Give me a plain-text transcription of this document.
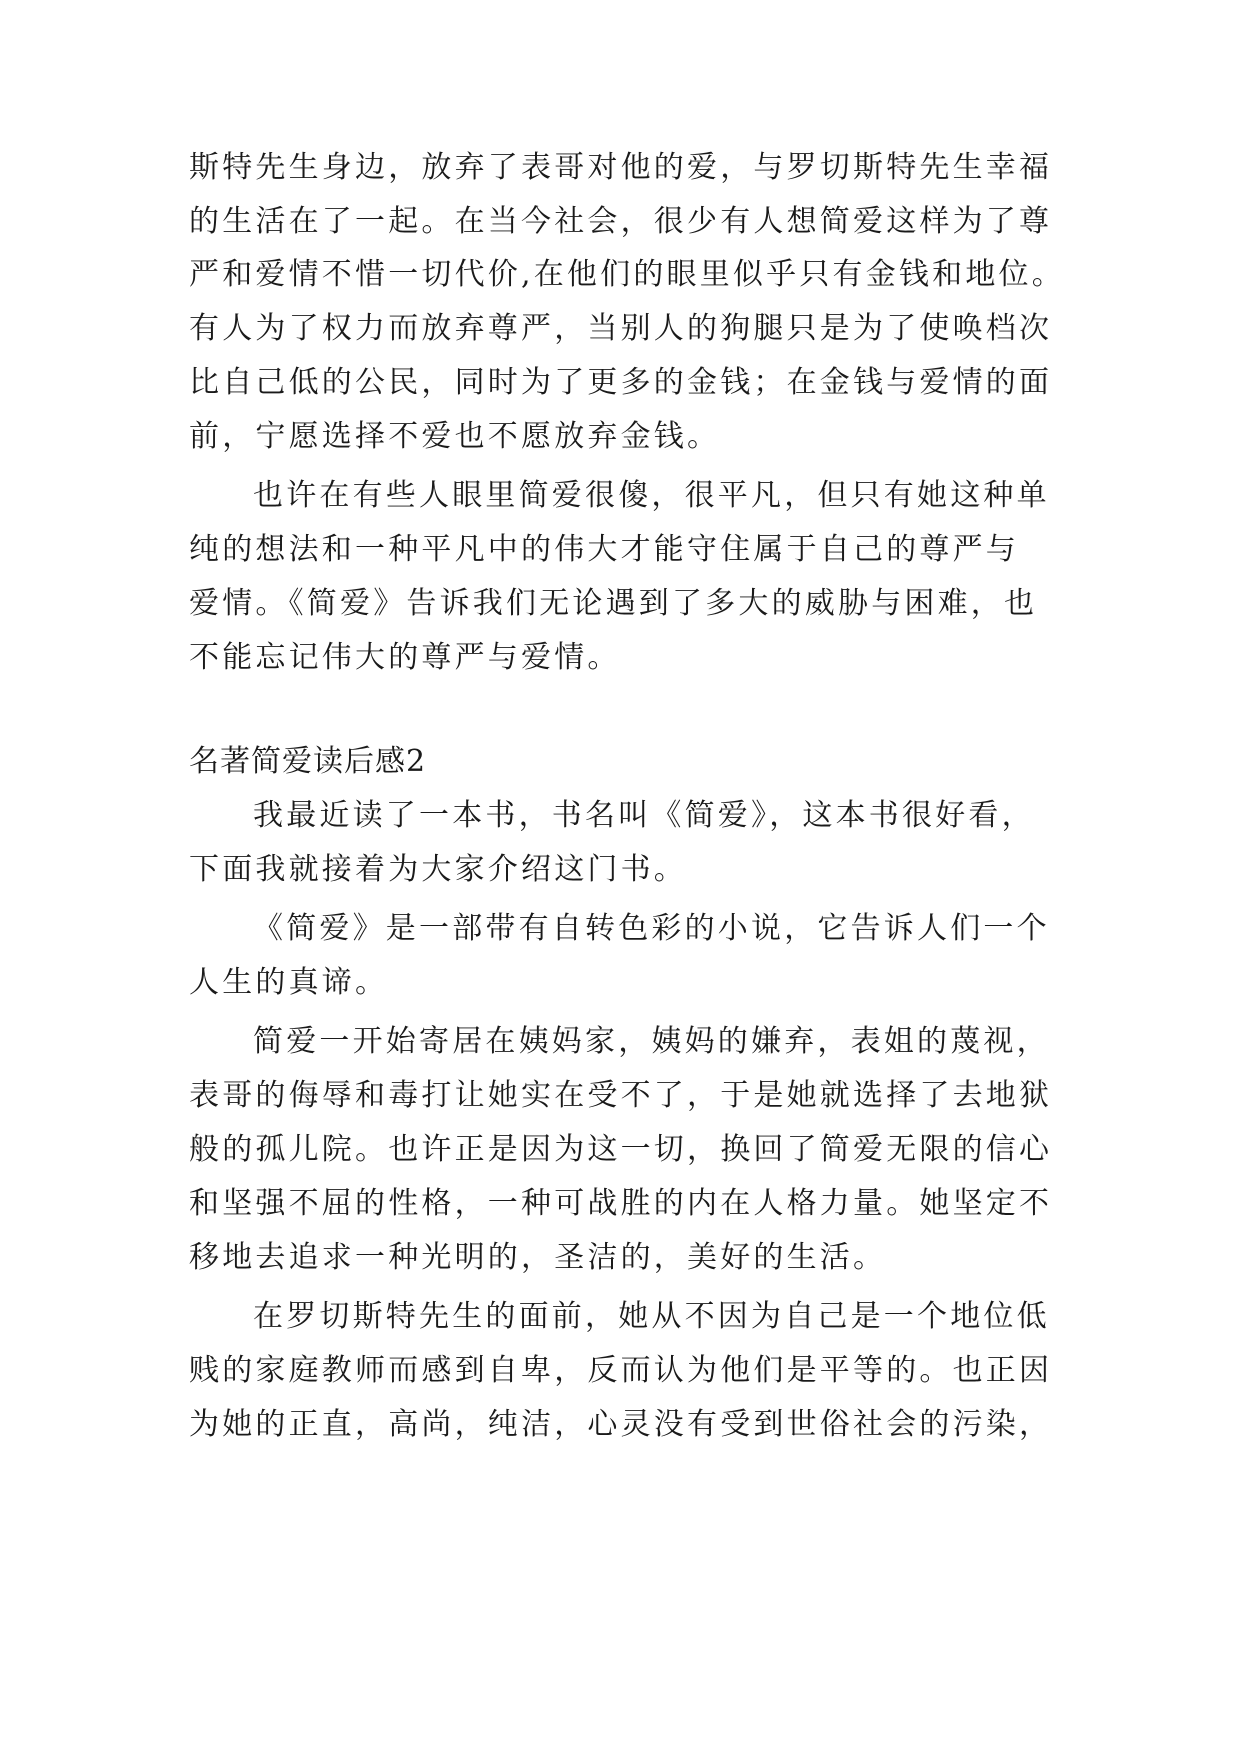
斯特先生身边，放弃了表哥对他的爱，与罗切斯特先生幸福
的生活在了一起。在当今社会，很少有人想简爱这样为了尊
严和爱情不惜一切代价,在他们的眼里似乎只有金钱和地位。
有人为了权力而放弃尊严，当别人的狗腿只是为了使唤档次
比自己低的公民，同时为了更多的金钱；在金钱与爱情的面
前，宁愿选择不爱也不愿放弃金钱。
也许在有些人眼里简爱很傻，很平凡，但只有她这种单
纯的想法和一种平凡中的伟大才能守住属于自己的尊严与
爱情。《简爱》告诉我们无论遇到了多大的威胁与困难，也
不能忘记伟大的尊严与爱情。
名著简爱读后感2
我最近读了一本书，书名叫《简爱》，这本书很好看，
下面我就接着为大家介绍这门书。
《简爱》是一部带有自转色彩的小说，它告诉人们一个
人生的真谛。
简爱一开始寄居在姨妈家，姨妈的嫌弃，表姐的蔑视，
表哥的侮辱和毒打让她实在受不了，于是她就选择了去地狱
般的孤儿院。也许正是因为这一切，换回了简爱无限的信心
和坚强不屈的性格，一种可战胜的内在人格力量。她坚定不
移地去追求一种光明的，圣洁的，美好的生活。
在罗切斯特先生的面前，她从不因为自己是一个地位低
贱的家庭教师而感到自卑，反而认为他们是平等的。也正因
为她的正直，高尚，纯洁，心灵没有受到世俗社会的污染，
